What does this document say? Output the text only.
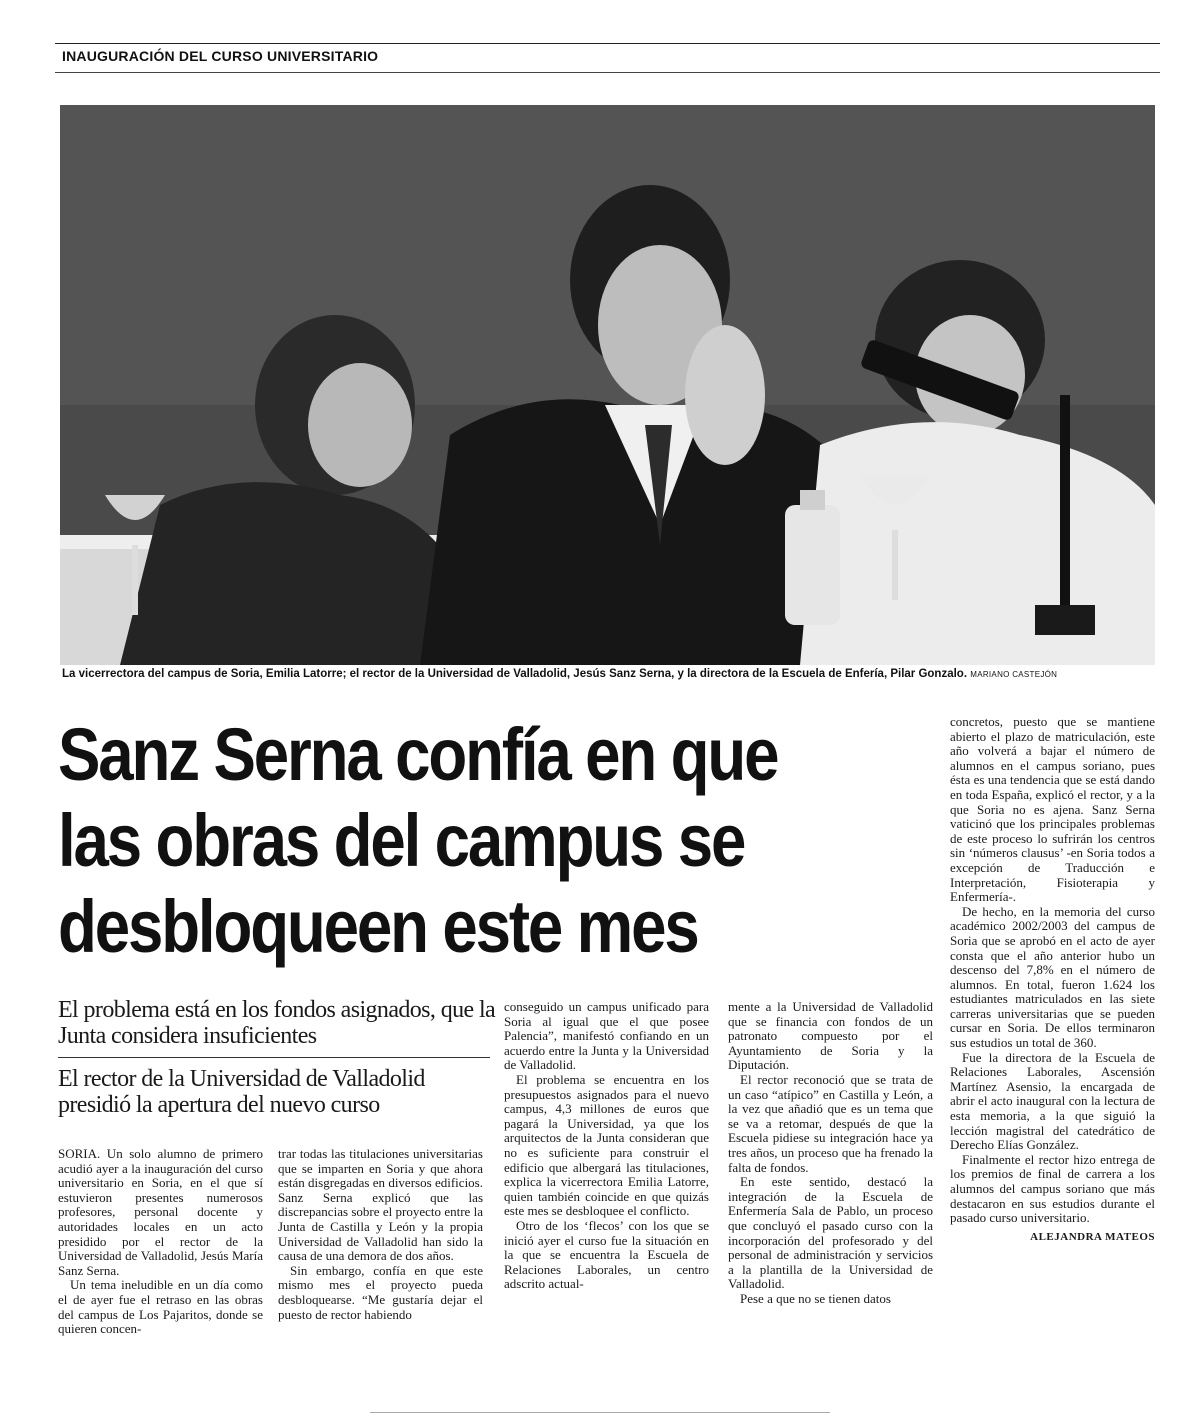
INAUGURACIÓN DEL CURSO UNIVERSITARIO
La vicerrectora del campus de Soria, Emilia Latorre; el rector de la Universidad de Valladolid, Jesús Sanz Serna, y la directora de la Escuela de Enfería, Pilar Gonzalo. MARIANO CASTEJÓN
Sanz Serna confía en que
las obras del campus se
desbloqueen este mes
El problema está en los fondos asignados, que la Junta considera insuficientes
El rector de la Universidad de Valladolid presidió la apertura del nuevo curso

SORIA. Un solo alumno de primero acudió ayer a la inauguración del curso universitario en Soria, en el que sí estuvieron presentes numerosos profesores, personal docente y autoridades locales en un acto presidido por el rector de la Universidad de Valladolid, Jesús María Sanz Serna.

Un tema ineludible en un día como el de ayer fue el retraso en las obras del campus de Los Pajaritos, donde se quieren concen-

trar todas las titulaciones universitarias que se imparten en Soria y que ahora están disgregadas en diversos edificios. Sanz Serna explicó que las discrepancias sobre el proyecto entre la Junta de Castilla y León y la propia Universidad de Valladolid han sido la causa de una demora de dos años.

Sin embargo, confía en que este mismo mes el proyecto pueda desbloquearse. “Me gustaría dejar el puesto de rector habiendo

conseguido un campus unificado para Soria al igual que el que posee Palencia”, manifestó confiando en un acuerdo entre la Junta y la Universidad de Valladolid.

El problema se encuentra en los presupuestos asignados para el nuevo campus, 4,3 millones de euros que pagará la Universidad, ya que los arquitectos de la Junta consideran que no es suficiente para construir el edificio que albergará las titulaciones, explica la vicerrectora Emilia Latorre, quien también coincide en que quizás este mes se desbloquee el conflicto.

Otro de los ‘flecos’ con los que se inició ayer el curso fue la situación en la que se encuentra la Escuela de Relaciones Laborales, un centro adscrito actual-

mente a la Universidad de Valladolid que se financia con fondos de un patronato compuesto por el Ayuntamiento de Soria y la Diputación.

El rector reconoció que se trata de un caso “atípico” en Castilla y León, a la vez que añadió que es un tema que se va a retomar, después de que la Escuela pidiese su integración hace ya tres años, un proceso que ha frenado la falta de fondos.

En este sentido, destacó la integración de la Escuela de Enfermería Sala de Pablo, un proceso que concluyó el pasado curso con la incorporación del profesorado y del personal de administración y servicios a la plantilla de la Universidad de Valladolid.

Pese a que no se tienen datos

concretos, puesto que se mantiene abierto el plazo de matriculación, este año volverá a bajar el número de alumnos en el campus soriano, pues ésta es una tendencia que se está dando en toda España, explicó el rector, y a la que Soria no es ajena. Sanz Serna vaticinó que los principales problemas de este proceso lo sufrirán los centros sin ‘números clausus’ -en Soria todos a excepción de Traducción e Interpretación, Fisioterapia y Enfermería-.

De hecho, en la memoria del curso académico 2002/2003 del campus de Soria que se aprobó en el acto de ayer consta que el año anterior hubo un descenso del 7,8% en el número de alumnos. En total, fueron 1.624 los estudiantes matriculados en las siete carreras universitarias que se pueden cursar en Soria. De ellos terminaron sus estudios un total de 360.

Fue la directora de la Escuela de Relaciones Laborales, Ascensión Martínez Asensio, la encargada de abrir el acto inaugural con la lectura de esta memoria, a la que siguió la lección magistral del catedrático de Derecho Elías González.

Finalmente el rector hizo entrega de los premios de final de carrera a los alumnos del campus soriano que más destacaron en sus estudios durante el pasado curso universitario.

ALEJANDRA MATEOS
